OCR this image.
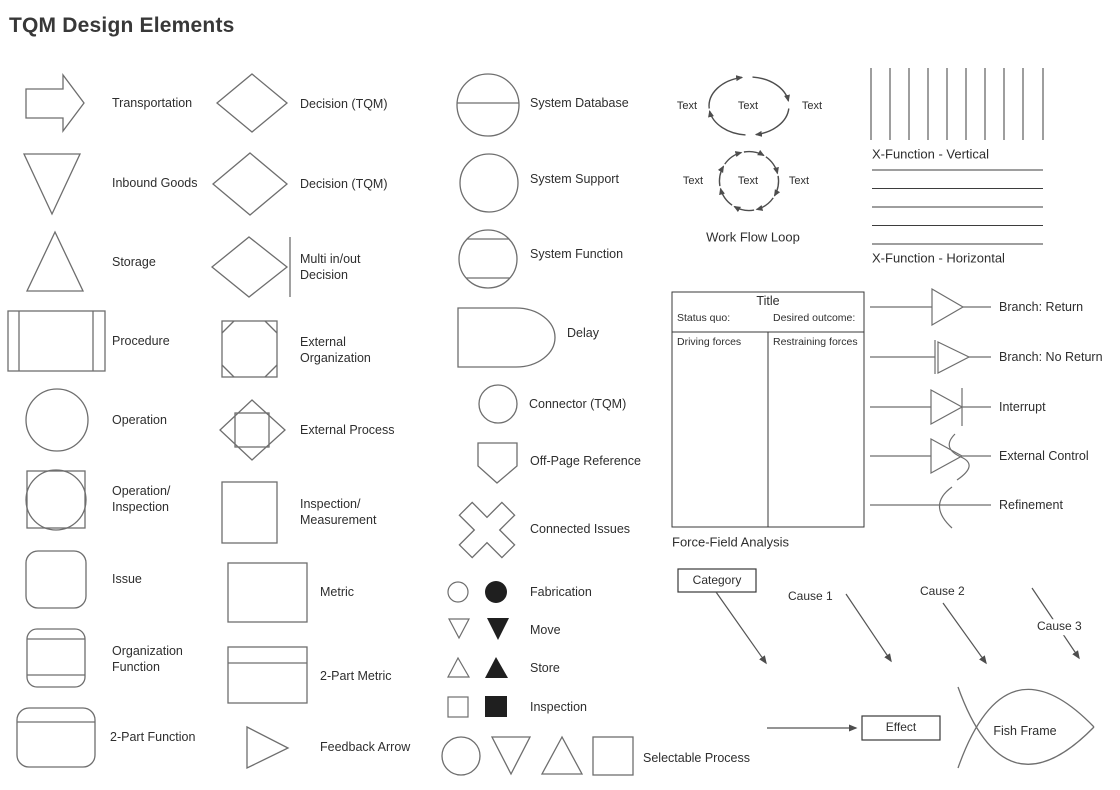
TQM Design Elements
Transportation
Inbound Goods
Storage
Procedure
Operation
Operation/
Inspection
Issue
Organization
Function
2-Part Function
Decision (TQM)
Decision (TQM)
Multi in/out
Decision
External
Organization
External Process
Inspection/
Measurement
Metric
2-Part Metric
Feedback Arrow
System Database
System Support
System Function
Delay
Connector (TQM)
Off-Page Reference
Connected Issues
Fabrication
Move
Store
Inspection
Selectable Process
Text	Text	Text
Text	Text	Text
Work Flow Loop
Title
Status quo:	Desired outcome:
Driving forces	Restraining forces
Force-Field Analysis
X-Function - Vertical
X-Function - Horizontal
Branch: Return
Branch: No Return
Interrupt
External Control
Refinement
Category
Cause 1	Cause 2
Cause 3
Effect	Fish Frame
